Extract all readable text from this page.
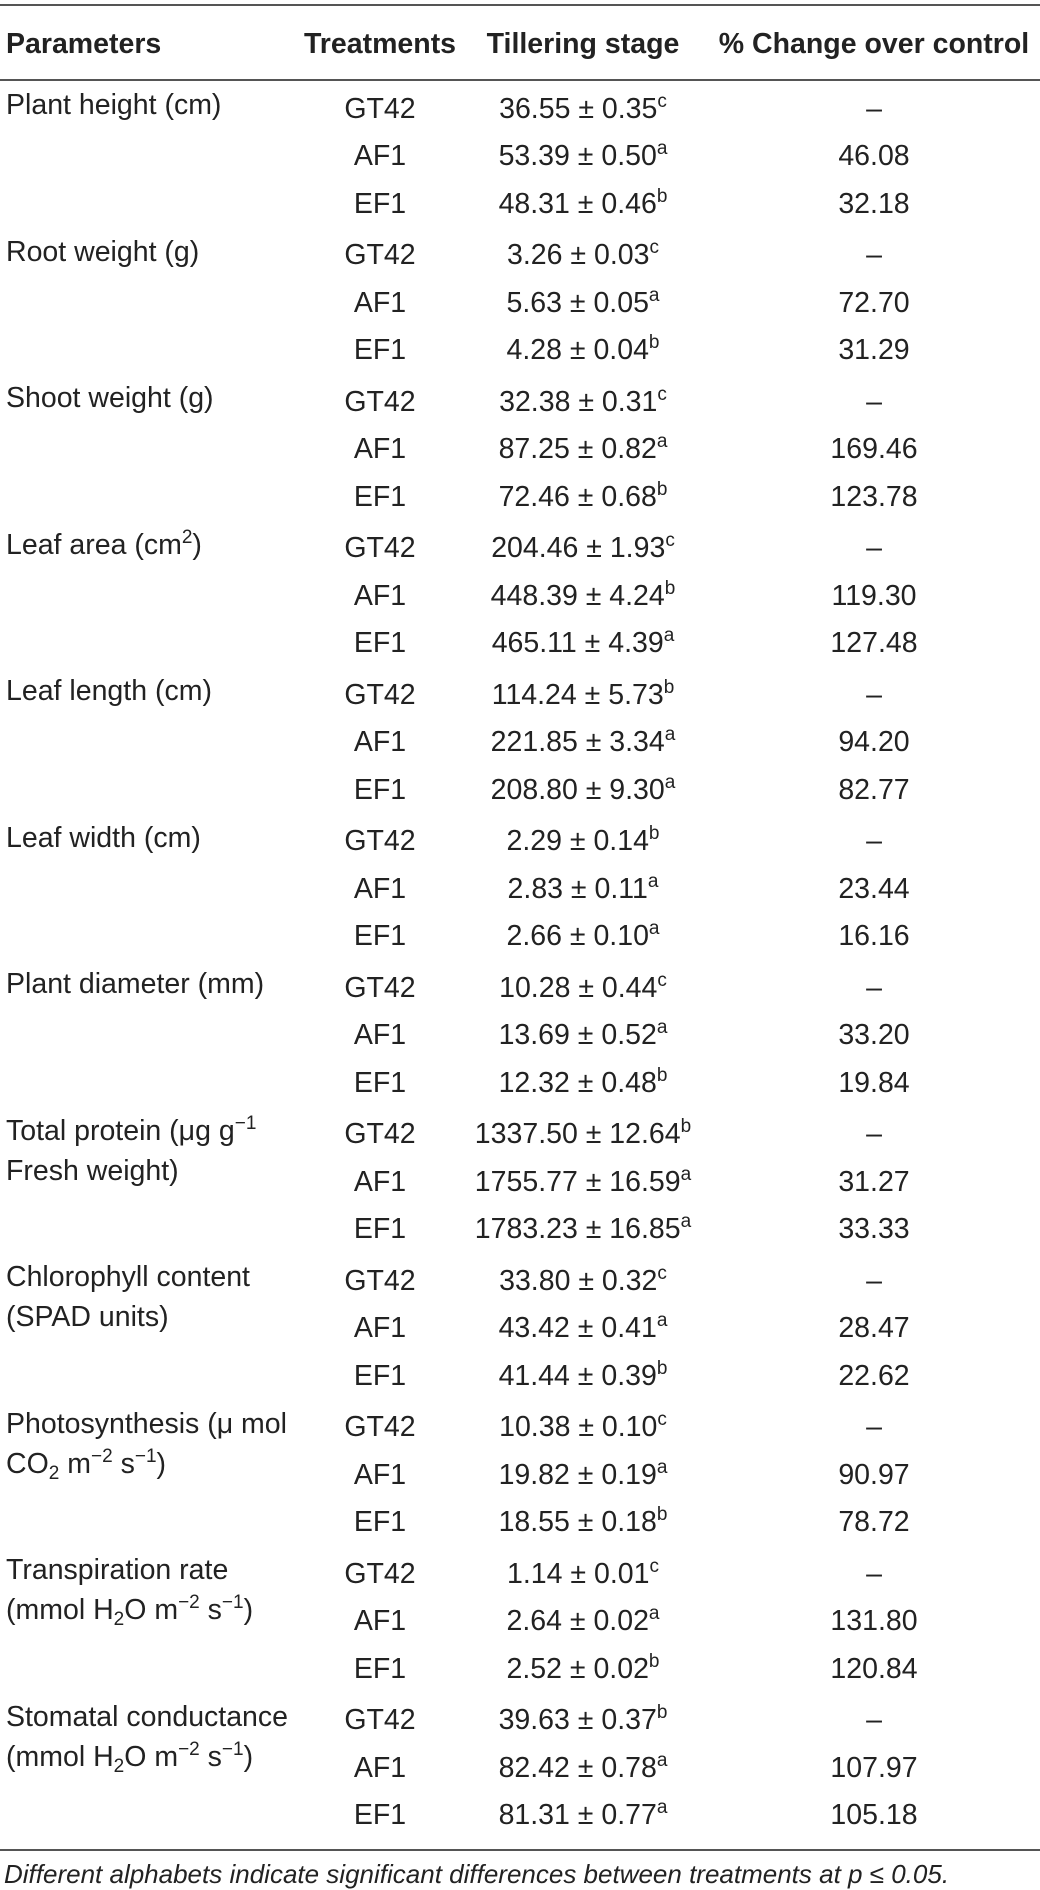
Parameters	Treatments	Tillering stage	% Change over control
Plant height (cm)	GT42	36.55 ± 0.35$^c$	–
	AF1	53.39 ± 0.50$^a$	46.08
	EF1	48.31 ± 0.46$^b$	32.18
Root weight (g)	GT42	3.26 ± 0.03$^c$	–
	AF1	5.63 ± 0.05$^a$	72.70
	EF1	4.28 ± 0.04$^b$	31.29
Shoot weight (g)	GT42	32.38 ± 0.31$^c$	–
	AF1	87.25 ± 0.82$^a$	169.46
	EF1	72.46 ± 0.68$^b$	123.78
Leaf area $(cm^2)$	GT42	204.46 ± 1.93$^c$	–
	AF1	448.39 ± 4.24$^b$	119.30
	EF1	465.11 ± 4.39$^a$	127.48
Leaf length (cm)	GT42	114.24 ± 5.73$^b$	–
	AF1	221.85 ± 3.34$^a$	94.20
	EF1	208.80 ± 9.30$^a$	82.77
Leaf width (cm)	GT42	2.29 ± 0.14$^b$	–
	AF1	2.83 ± 0.11$^a$	23.44
	EF1	2.66 ± 0.10$^a$	16.16
Plant diameter (mm)	GT42	10.28 ± 0.44$^c$	–
	AF1	13.69 ± 0.52$^a$	33.20
	EF1	12.32 ± 0.48$^b$	19.84
Total protein (μg $g^{-1}$
Fresh weight)	GT42	1337.50 ± 12.64$^b$	–
	AF1	1755.77 ± 16.59$^a$	31.27
	EF1	1783.23 ± 16.85$^a$	33.33
Chlorophyll content
(SPAD units)	GT42	33.80 ± 0.32$^c$	–
	AF1	43.42 ± 0.41$^a$	28.47
	EF1	41.44 ± 0.39$^b$	22.62
Photosynthesis (μ mol
$CO_2$ $m^{-2}$ $s^{-1}$)	GT42	10.38 ± 0.10$^c$	–
	AF1	19.82 ± 0.19$^a$	90.97
	EF1	18.55 ± 0.18$^b$	78.72
Transpiration rate
(mmol $H_2O$ $m^{-2}$ $s^{-1}$)	GT42	1.14 ± 0.01$^c$	–
	AF1	2.64 ± 0.02$^a$	131.80
	EF1	2.52 ± 0.02$^b$	120.84
Stomatal conductance
(mmol $H_2O$ $m^{-2}$ $s^{-1}$)	GT42	39.63 ± 0.37$^b$	–
	AF1	82.42 ± 0.78$^a$	107.97
	EF1	81.31 ± 0.77$^a$	105.18
Different alphabets indicate significant differences between treatments at p ≤ 0.05.
